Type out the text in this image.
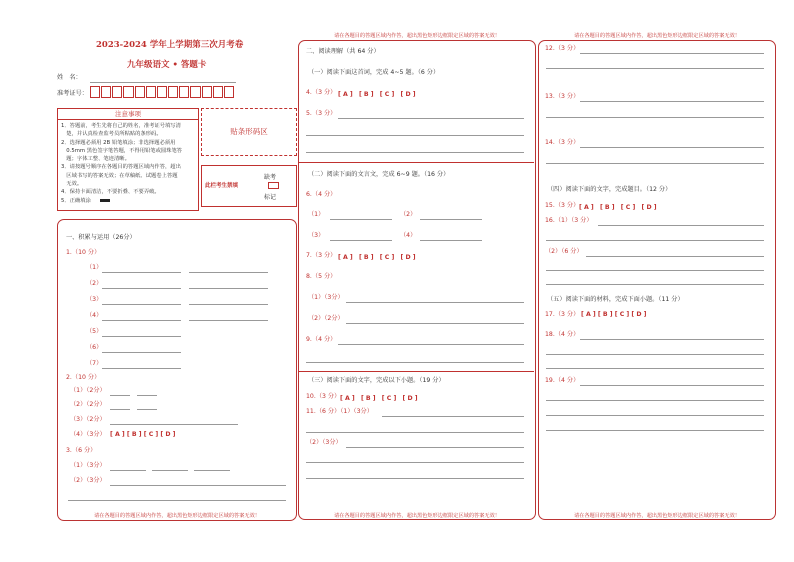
2023-2024 学年上学期第三次月考卷
九年级语文 • 答题卡
姓　名：
准考证号：
注意事项
1．答题前，考生先将自己的姓名，准考证号填写清
　楚，并认真检查监考员所粘贴的条形码。
2．选择题必须用 2B 铅笔填涂；非选择题必须用
　0.5mm 黑色签字笔答题，不得用铅笔或圆珠笔答
　题；字体工整、笔迹清晰。
3．请按题号顺序在各题目的答题区域内作答，超出
　区域书写的答案无效；在草稿纸、试题卷上答题
　无效。
4．保持卡面清洁，不要折叠、不要弄破。
5．正确填涂
贴条形码区
此栏考生禁填
缺考
标记
请在各题目的答题区域内作答，超出黑色矩形边框限定区域的答案无效！
一、积累与运用（26分）
1.（10 分）
（1）
（2）
（3）
（4）
（5）
（6）
（7）
2.（10 分）
（1）（2分）
（2）（2分）
（3）（2分）
（4）（3分） [ A ] [ B ] [ C ] [ D ]
3.（6 分）
（1）（3分）
（2）（3分）
请在各题目的答题区域内作答，超出黑色矩形边框限定区域的答案无效！
请在各题目的答题区域内作答，超出黑色矩形边框限定区域的答案无效！
二、阅读理解（共 64 分）
（一）阅读下面这首词，完成 4~5 题。（6 分）
4.（3 分） [ A ]　[ B ]　[ C ]　[ D ]
5.（3 分）
（二）阅读下面的文言文，完成 6~9 题。（16 分）
6.（4 分）
（1）	（2）
（3）	（4）
7.（3 分） [ A ]　[ B ]　[ C ]　[ D ]
8.（5 分）
（1）（3分）
（2）（2分）
9.（4 分）
（三）阅读下面的文字，完成以下小题。（19 分）
10.（3 分） [ A ]　[ B ]　[ C ]　[ D ]
11.（6 分）（1）（3分）
（2）（3分）
请在各题目的答题区域内作答，超出黑色矩形边框限定区域的答案无效！
请在各题目的答题区域内作答，超出黑色矩形边框限定区域的答案无效！
12.（3 分）
13.（3 分）
14.（3 分）
（四）阅读下面的文字，完成题目。（12 分）
15.（3 分） [ A ]　[ B ]　[ C ]　[ D ]
16.（1）（3 分）
（2）（6 分）
（五）阅读下面的材料，完成下面小题。（11 分）
17.（3 分） [ A ] [ B ] [ C ] [ D ]
18.（4 分）
19.（4 分）
